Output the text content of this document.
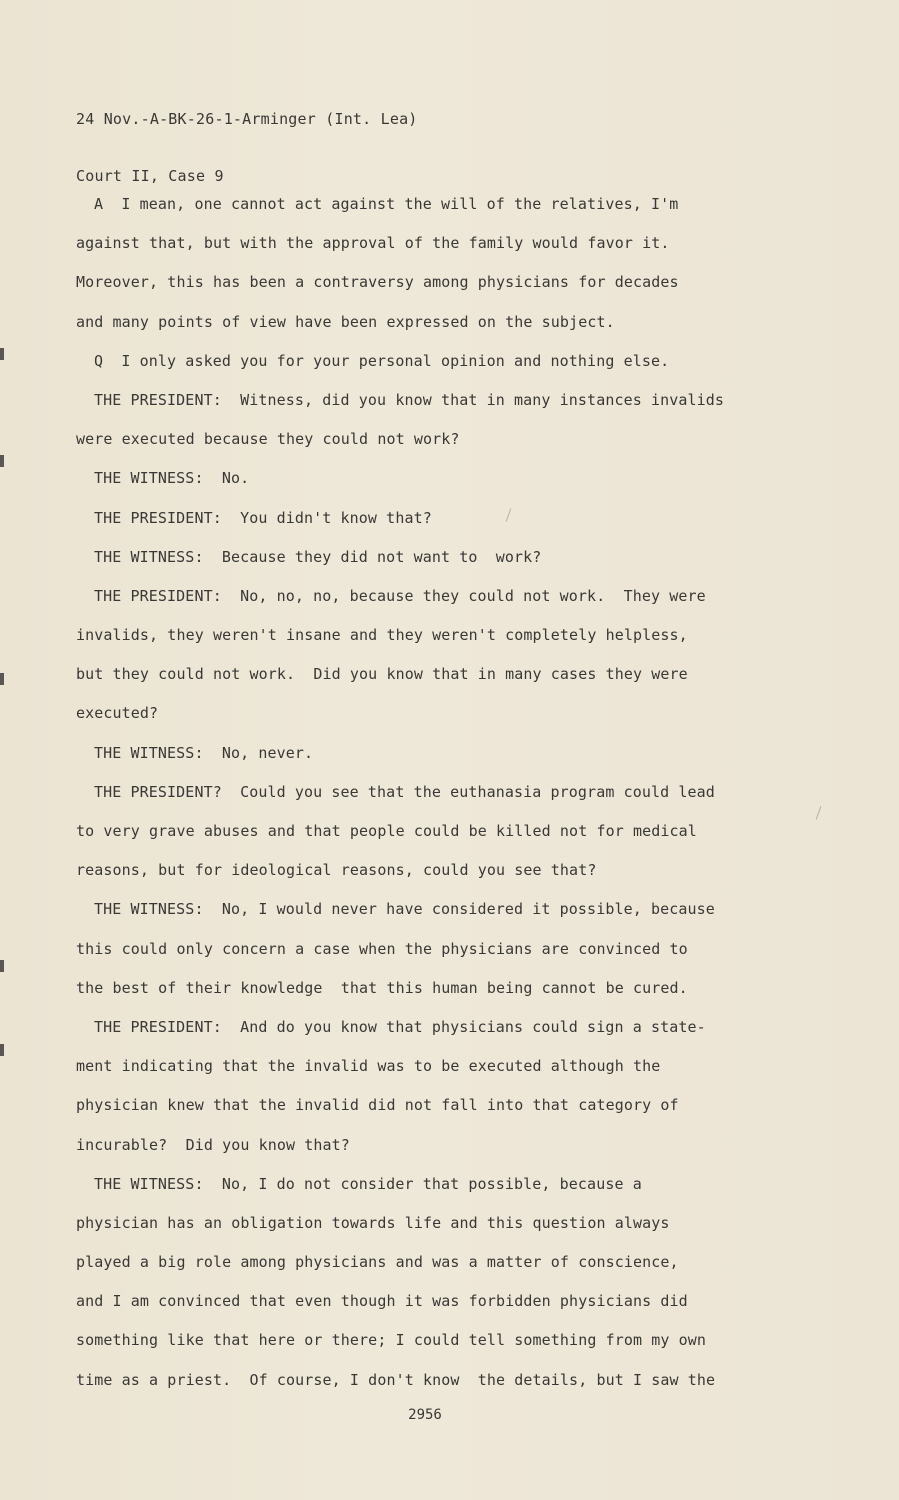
24 Nov.-A-BK-26-1-Arminger (Int. Lea)

Court II, Case 9

A  I mean, one cannot act against the will of the relatives, I'm
against that, but with the approval of the family would favor it.
Moreover, this has been a contraversy among physicians for decades
and many points of view have been expressed on the subject.
Q  I only asked you for your personal opinion and nothing else.
THE PRESIDENT:  Witness, did you know that in many instances invalids
were executed because they could not work?
THE WITNESS:  No.
THE PRESIDENT:  You didn't know that?
THE WITNESS:  Because they did not want to  work?
THE PRESIDENT:  No, no, no, because they could not work.  They were
invalids, they weren't insane and they weren't completely helpless,
but they could not work.  Did you know that in many cases they were
executed?
THE WITNESS:  No, never.
THE PRESIDENT?  Could you see that the euthanasia program could lead
to very grave abuses and that people could be killed not for medical
reasons, but for ideological reasons, could you see that?
THE WITNESS:  No, I would never have considered it possible, because
this could only concern a case when the physicians are convinced to
the best of their knowledge  that this human being cannot be cured.
THE PRESIDENT:  And do you know that physicians could sign a state-
ment indicating that the invalid was to be executed although the
physician knew that the invalid did not fall into that category of
incurable?  Did you know that?
THE WITNESS:  No, I do not consider that possible, because a
physician has an obligation towards life and this question always
played a big role among physicians and was a matter of conscience,
and I am convinced that even though it was forbidden physicians did
something like that here or there; I could tell something from my own
time as a priest.  Of course, I don't know  the details, but I saw the
2956
